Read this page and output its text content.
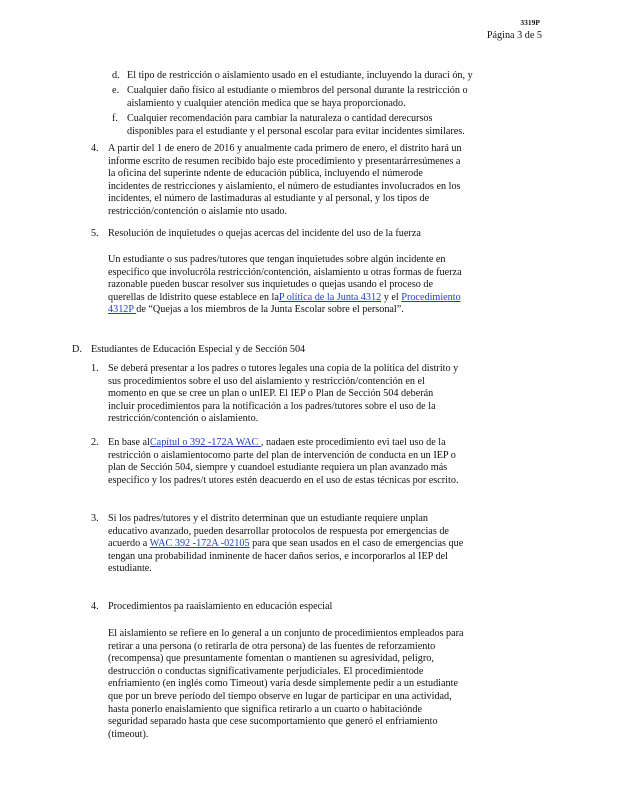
3319P
Página 3 de 5
d. El tipo de restricción o aislamiento usado en el estudiante, incluyendo la duraci ón, y

e. Cualquier daño físico al estudiante o miembros del personal durante la restricción o

aislamiento y cualquier atención medica que se haya proporcionado.

f. Cualquier recomendación para cambiar la naturaleza o cantidad derecursos

disponibles para el estudiante y el personal escolar para evitar incidentes similares.

4. A partir del 1 de enero de 2016 y anualmente cada primero de enero, el distrito hará un

informe escrito de resumen recibido bajo este procedimiento y presentarárresúmenes a

la oficina del superinte ndente de educación pública, incluyendo el númerode

incidentes de restricciones y aislamiento, el número de estudiantes involucrados en los

incidentes, el número de lastimaduras al estudiante y al personal, y los tipos de

restricción/contención o aislamie nto usado.

5. Resolución de inquietudes o quejas acercas del incidente del uso de la fuerza

Un estudiante o sus padres/tutores que tengan inquietudes sobre algún incidente en

especifico que involucróla restricción/contención, aislamiento u otras formas de fuerza

razonable pueden buscar resolver sus inquietudes o quejas usando el proceso de

querellas de ldistrito quese establece en laP olítica de la Junta 4312 y el Procedimiento

4312P de “Quejas a los miembros de la Junta Escolar sobre el personal”.

D. Estudiantes de Educación Especial y de Sección 504

1. Se deberá presentar a los padres o tutores legales una copia de la política del distrito y

sus procedimientos sobre el uso del aislamiento y restricción/contención en el

momento en que se cree un plan o unIEP. El IEP o Plan de Sección 504 deberán

incluir procedimientos para la notificación a los padres/tutores sobre el uso de la

restricción/contención o aislamiento.

2. En base alCapítul o 392 -172A WAC , nadaen este procedimiento evi tael uso de la

restricción o aislamientocomo parte del plan de intervención de conducta en un IEP o

plan de Sección 504, siempre y cuandoel estudiante requiera un plan avanzado más

especifico y los padres/t utores estén deacuerdo en el uso de estas técnicas por escrito.

3. Si los padres/tutores y el distrito determinan que un estudiante requiere unplan

educativo avanzado, pueden desarrollar protocolos de respuesta por emergencias de

acuerdo a WAC 392 -172A -02105 para que sean usados en el caso de emergencias que

tengan una probabilidad inminente de hacer daños serios, e incorporarlos al IEP del

estudiante.

4. Procedimientos pa raaislamiento en educación especial

El aislamiento se refiere en lo general a un conjunto de procedimientos empleados para

retirar a una persona (o retirarla de otra persona) de las fuentes de reforzamiento

(recompensa) que presuntamente fomentan o mantienen su agresividad, peligro,

destrucción o conductas significativamente perjudiciales. El procedimientode

enfriamiento (en inglés como Timeout) varía desde simplemente pedir a un estudiante

que por un breve período del tiempo observe en lugar de participar en una actividad,

hasta ponerlo enaislamiento que significa retirarlo a un cuarto o habitaciónde

seguridad separado hasta que cese sucomportamiento que generó el enfriamiento

(timeout).
